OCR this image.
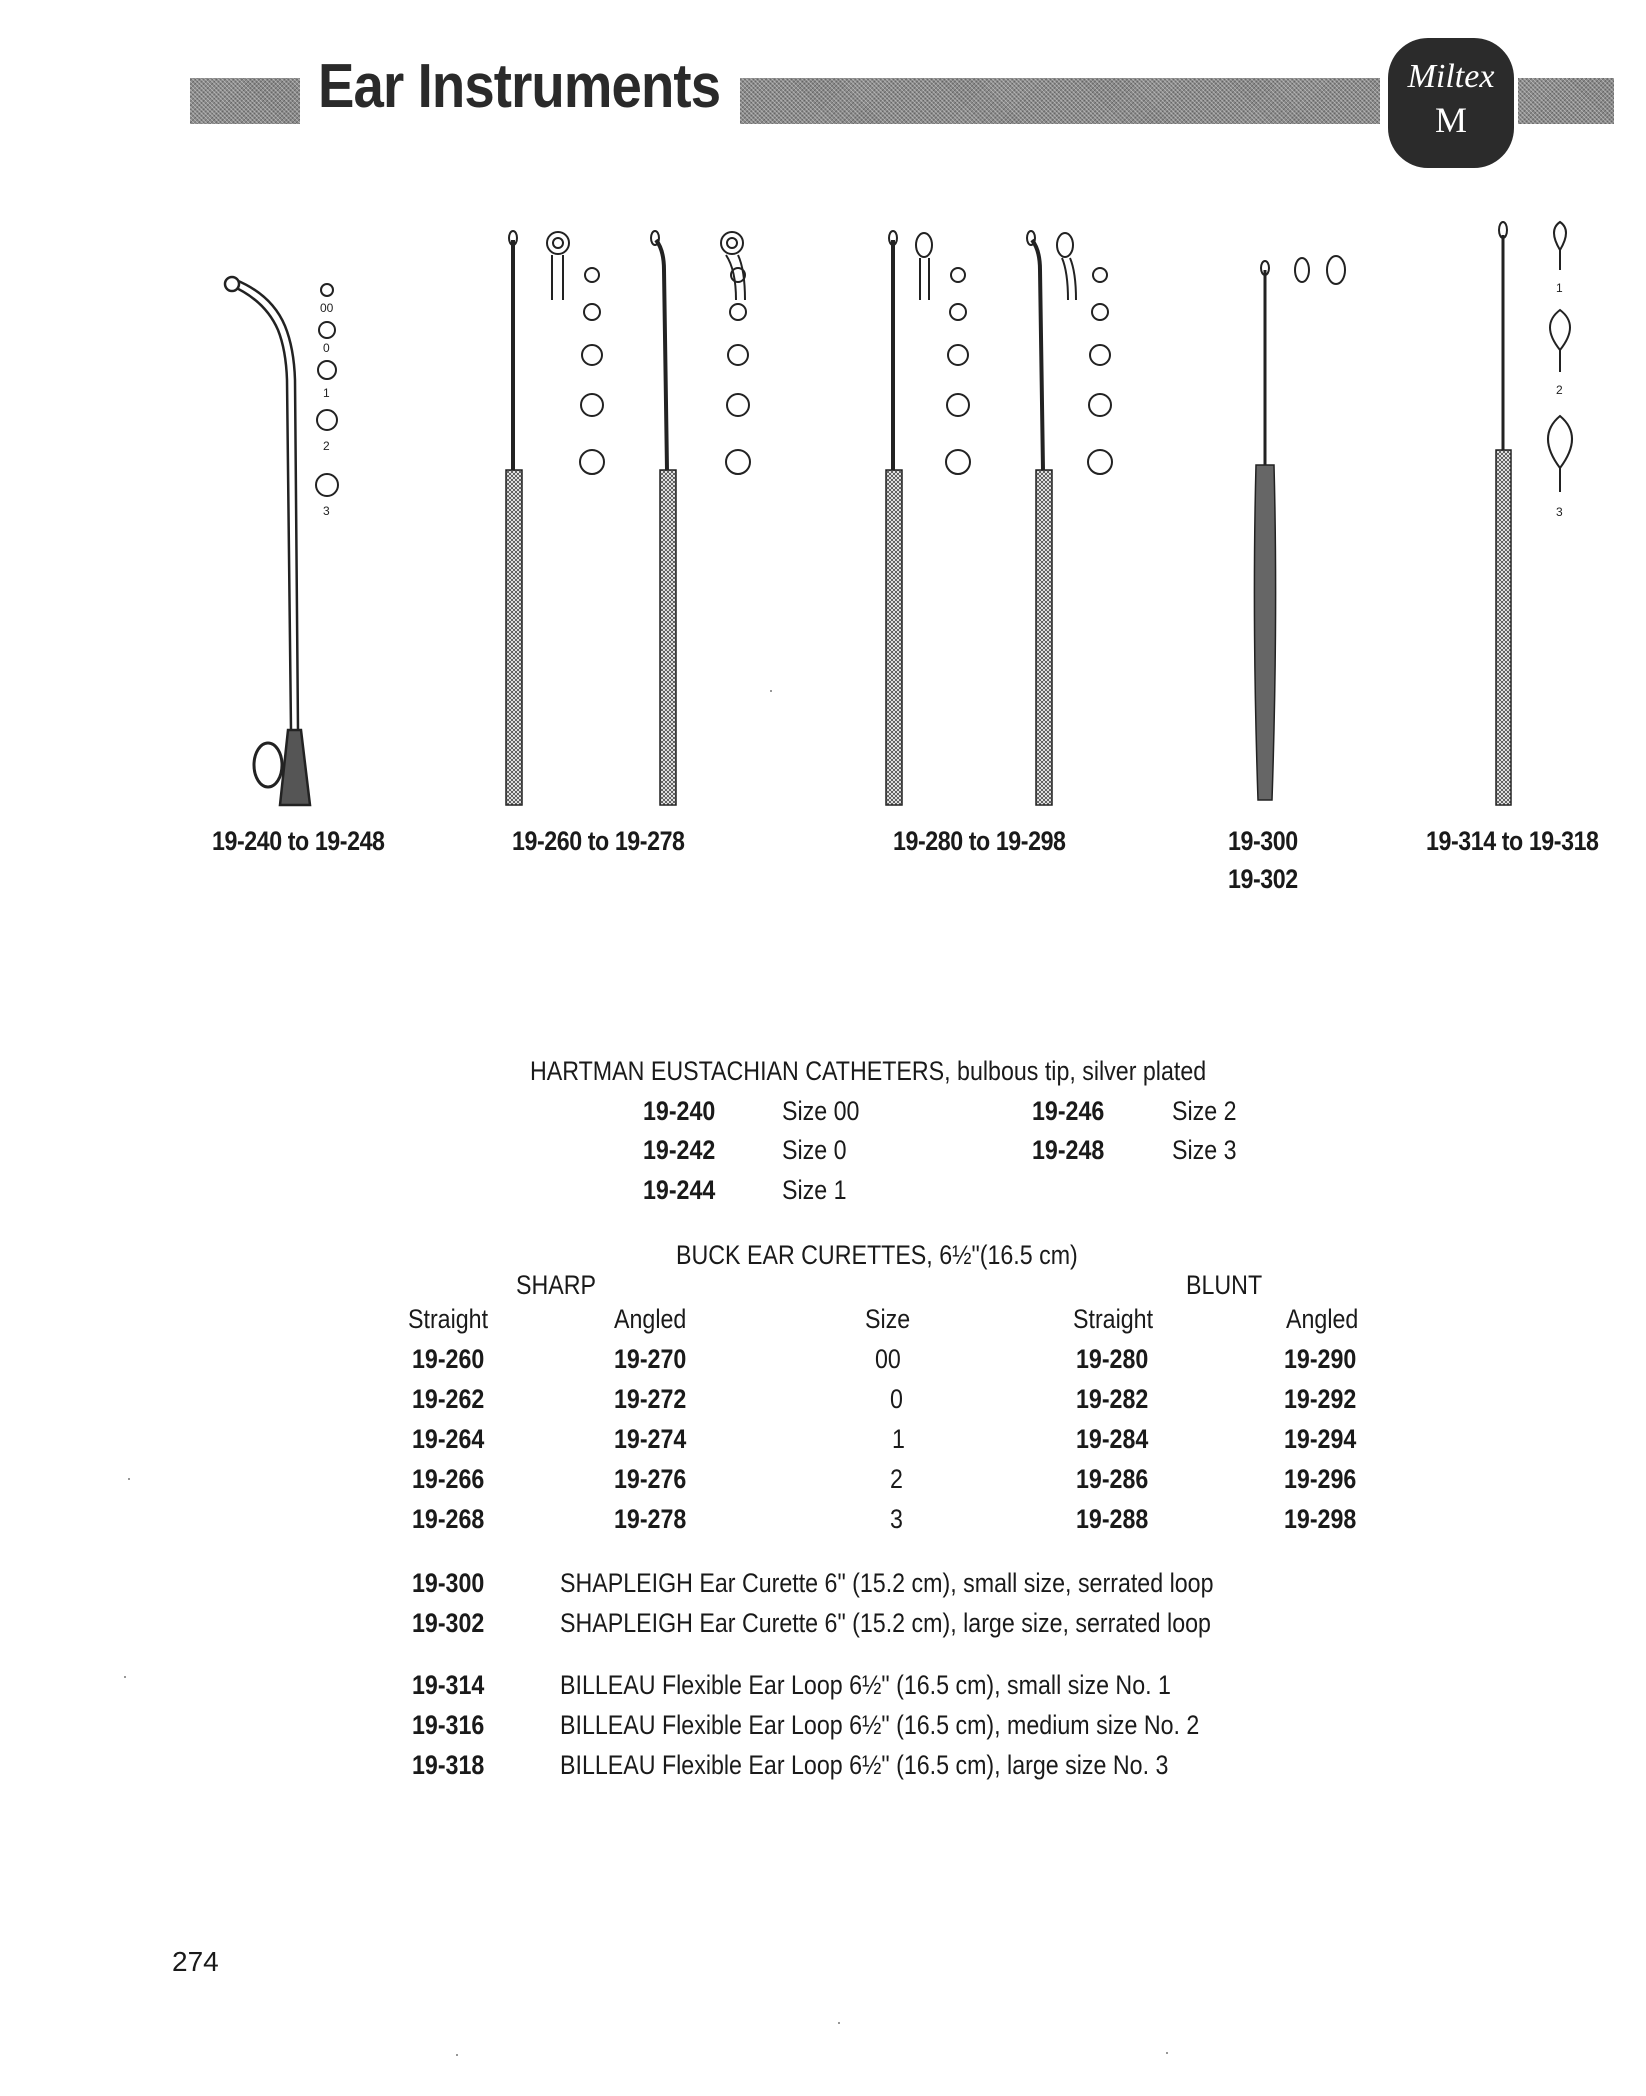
Ear Instruments	Miltex
M
00
0
1
2
3
1
2
3
19-240 to 19-248	19-260 to 19-278	19-280 to 19-298	19-300
19-302
19-314 to 19-318
HARTMAN EUSTACHIAN CATHETERS, bulbous tip, silver plated
19-240 Size 00	19-246	Size 2
19-242 Size 0	19-248	Size 3
19-244 Size 1
BUCK EAR CURETTES, 6½"(16.5 cm)
SHARP	BLUNT
Straight	Angled	Size	Straight	Angled
19-260	19-270	00	19-280	19-290
19-262	19-272	0	19-282	19-292
19-264	19-274	1	19-284	19-294
19-266	19-276	2	19-286	19-296
19-268	19-278	3	19-288	19-298
19-300	SHAPLEIGH Ear Curette 6" (15.2 cm), small size, serrated loop
19-302	SHAPLEIGH Ear Curette 6" (15.2 cm), large size, serrated loop
19-314	BILLEAU Flexible Ear Loop 6½" (16.5 cm), small size No. 1
19-316	BILLEAU Flexible Ear Loop 6½" (16.5 cm), medium size No. 2
19-318	BILLEAU Flexible Ear Loop 6½" (16.5 cm), large size No. 3
274
